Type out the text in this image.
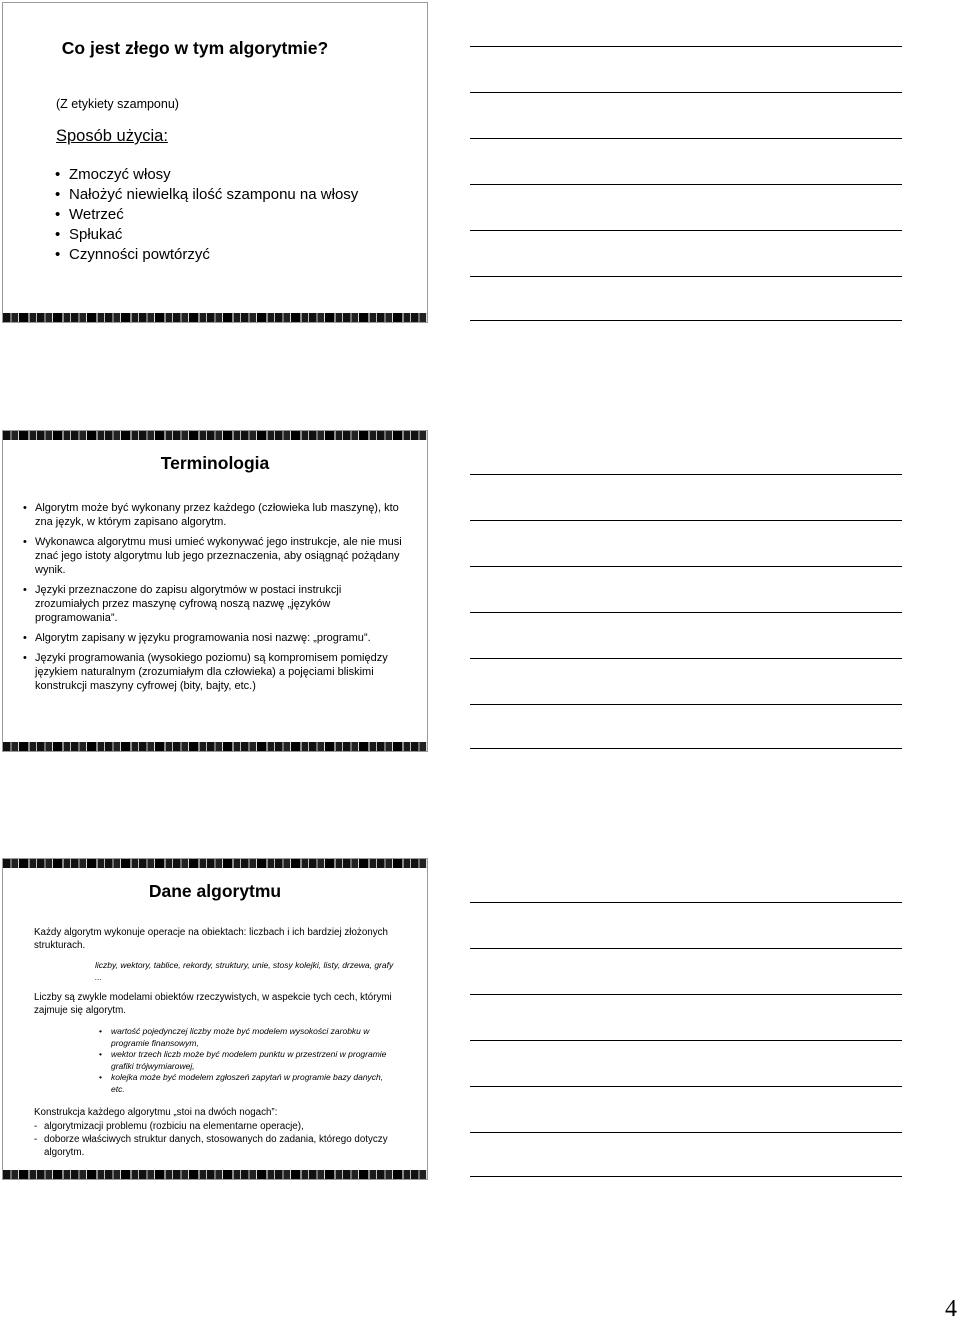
Co jest złego w tym algorytmie?
(Z etykiety szamponu)
Sposób użycia:
• Zmoczyć włosy
• Nałożyć niewielką ilość szamponu na włosy
• Wetrzeć
• Spłukać
• Czynności powtórzyć
Terminologia
• Algorytm może być wykonany przez każdego (człowieka lub maszynę), kto zna język, w którym zapisano algorytm.
• Wykonawca algorytmu musi umieć wykonywać jego instrukcje, ale nie musi znać jego istoty algorytmu lub jego przeznaczenia, aby osiągnąć pożądany wynik.
• Języki przeznaczone do zapisu algorytmów w postaci instrukcji zrozumiałych przez maszynę cyfrową noszą nazwę „języków programowania”.
• Algorytm zapisany w języku programowania nosi nazwę: „programu”.
• Języki programowania (wysokiego poziomu) są kompromisem pomiędzy językiem naturalnym (zrozumiałym dla człowieka) a pojęciami bliskimi konstrukcji maszyny cyfrowej (bity, bajty, etc.)
Dane algorytmu
Każdy algorytm wykonuje operacje na obiektach: liczbach i ich bardziej złożonych strukturach.
liczby, wektory, tablice, rekordy, struktury, unie, stosy kolejki, listy, drzewa, grafy ...
Liczby są zwykle modelami obiektów rzeczywistych, w aspekcie tych cech, którymi zajmuje się algorytm.
• wartość pojedynczej liczby może być modelem wysokości zarobku w programie finansowym,
• wektor trzech liczb może być modelem punktu w przestrzeni w programie grafiki trójwymiarowej,
• kolejka może być modelem zgłoszeń zapytań w programie bazy danych, etc.
Konstrukcja każdego algorytmu „stoi na dwóch nogach”:
- algorytmizacji problemu (rozbiciu na elementarne operacje),
- doborze właściwych struktur danych, stosowanych do zadania, którego dotyczy algorytm.
4
